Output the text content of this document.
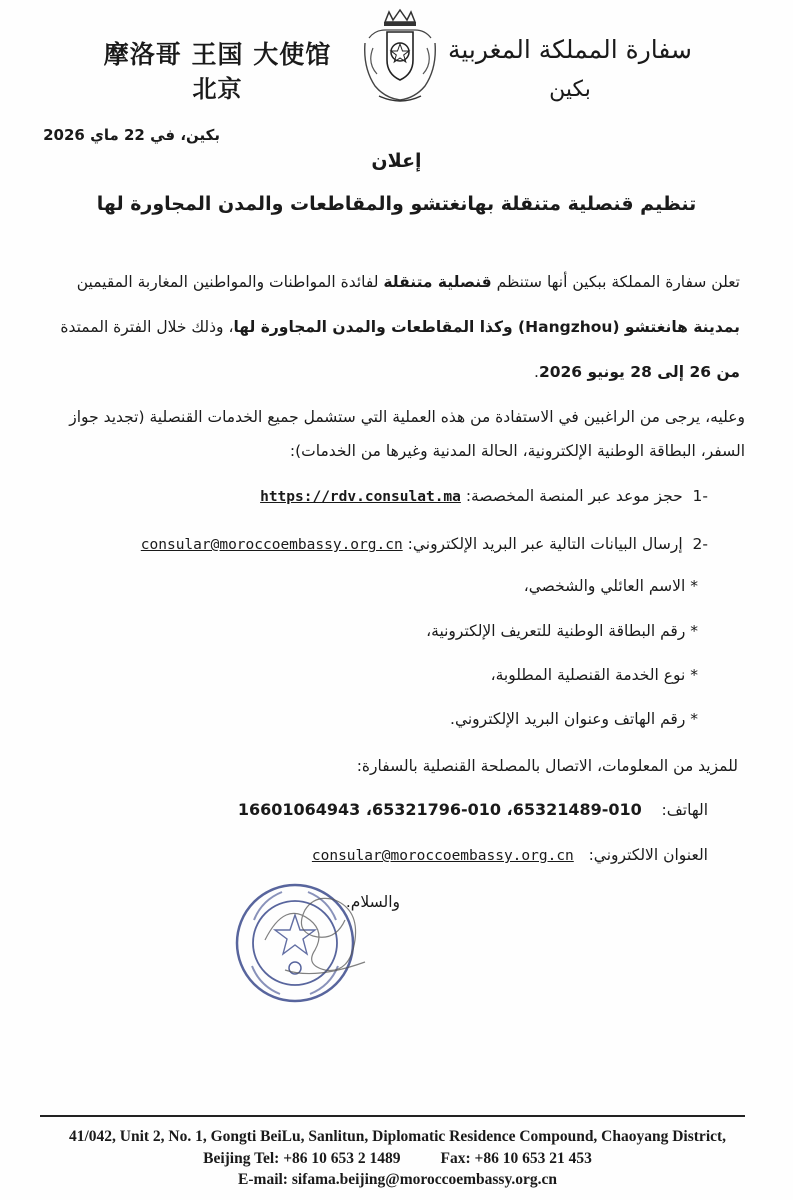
摩洛哥 王国 大使馆
北京
سفارة المملكة المغربية
بكين
بكين، في 22 ماي 2026
إعلان
تنظيم قنصلية متنقلة بهانغتشو والمقاطعات والمدن المجاورة لها
تعلن سفارة المملكة ببكين أنها ستنظم قنصلية متنقلة لفائدة المواطنات والمواطنين المغاربة المقيمين بمدينة هانغتشو (Hangzhou) وكذا المقاطعات والمدن المجاورة لها، وذلك خلال الفترة الممتدة من 26 إلى 28 يونيو 2026.
وعليه، يرجى من الراغبين في الاستفادة من هذه العملية التي ستشمل جميع الخدمات القنصلية (تجديد جواز السفر، البطاقة الوطنية الإلكترونية، الحالة المدنية وغيرها من الخدمات):
-1  حجز موعد عبر المنصة المخصصة: https://rdv.consulat.ma
-2  إرسال البيانات التالية عبر البريد الإلكتروني: consular@moroccoembassy.org.cn
* الاسم العائلي والشخصي،
* رقم البطاقة الوطنية للتعريف الإلكترونية،
* نوع الخدمة القنصلية المطلوبة،
* رقم الهاتف وعنوان البريد الإلكتروني.
للمزيد من المعلومات، الاتصال بالمصلحة القنصلية بالسفارة:
الهاتف:    010-65321489، 010-65321796، 16601064943
العنوان الالكتروني:   consular@moroccoembassy.org.cn
والسلام.
41/042, Unit 2, No. 1, Gongti BeiLu, Sanlitun, Diplomatic Residence Compound, Chaoyang District,
Beijing Tel: +86 10 653 2 1489	Fax: +86 10 653 21 453
E-mail: sifama.beijing@moroccoembassy.org.cn
